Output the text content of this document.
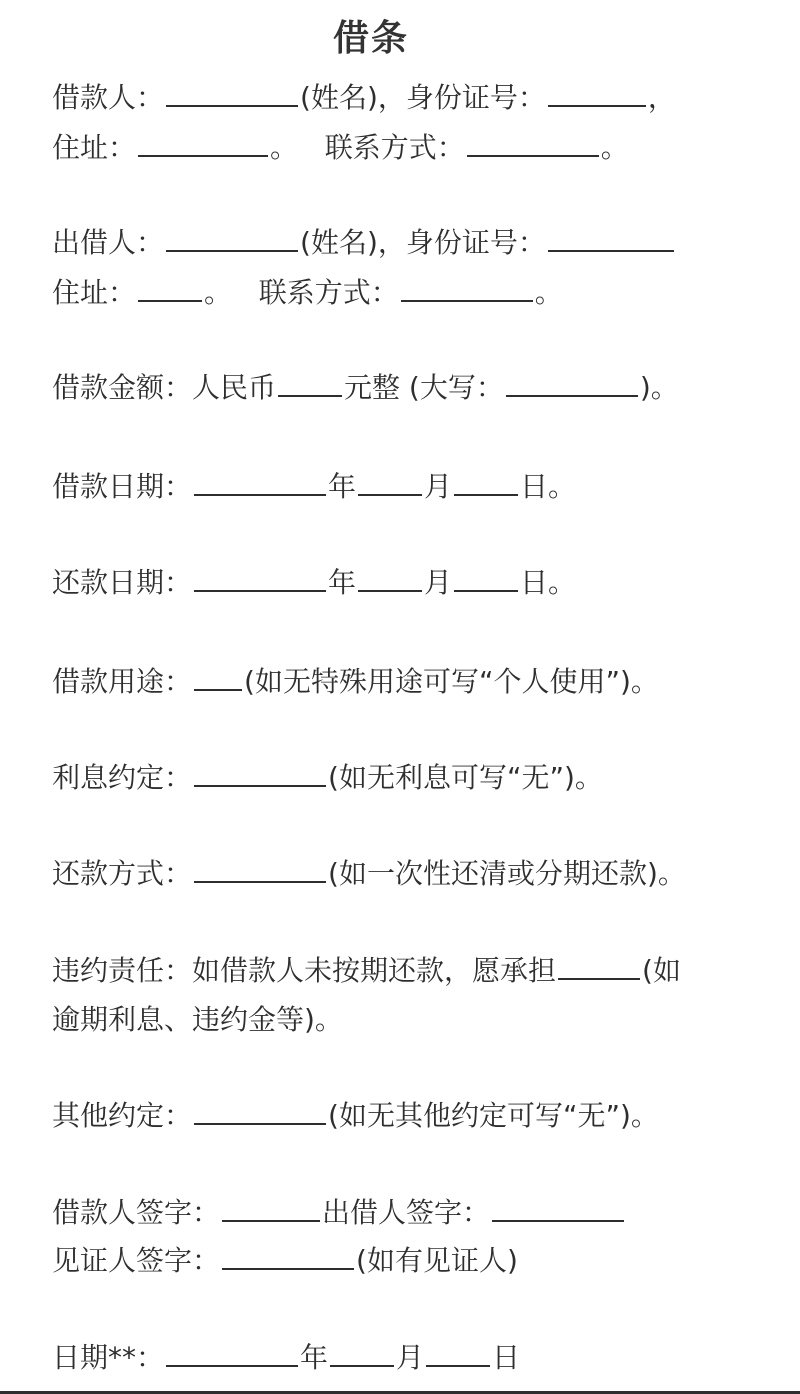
借条
借款人：	(姓名)，身份证号：	，
住址：	。 联系方式：	。
出借人：	(姓名)，身份证号：
住址： 。 联系方式：	。
借款金额：人民币 元整 (大写：	)。
借款日期：	年 月 日。
还款日期：	年 月 日。
借款用途： (如无特殊用途可写“个人使用”)。
利息约定：	(如无利息可写“无”)。
还款方式：	(如一次性还清或分期还款)。
违约责任：如借款人未按期还款，愿承担	(如
逾期利息、违约金等)。
其他约定：	(如无其他约定可写“无”)。
借款人签字：	出借人签字：
见证人签字：	(如有见证人)
日期**：	年 月 日
